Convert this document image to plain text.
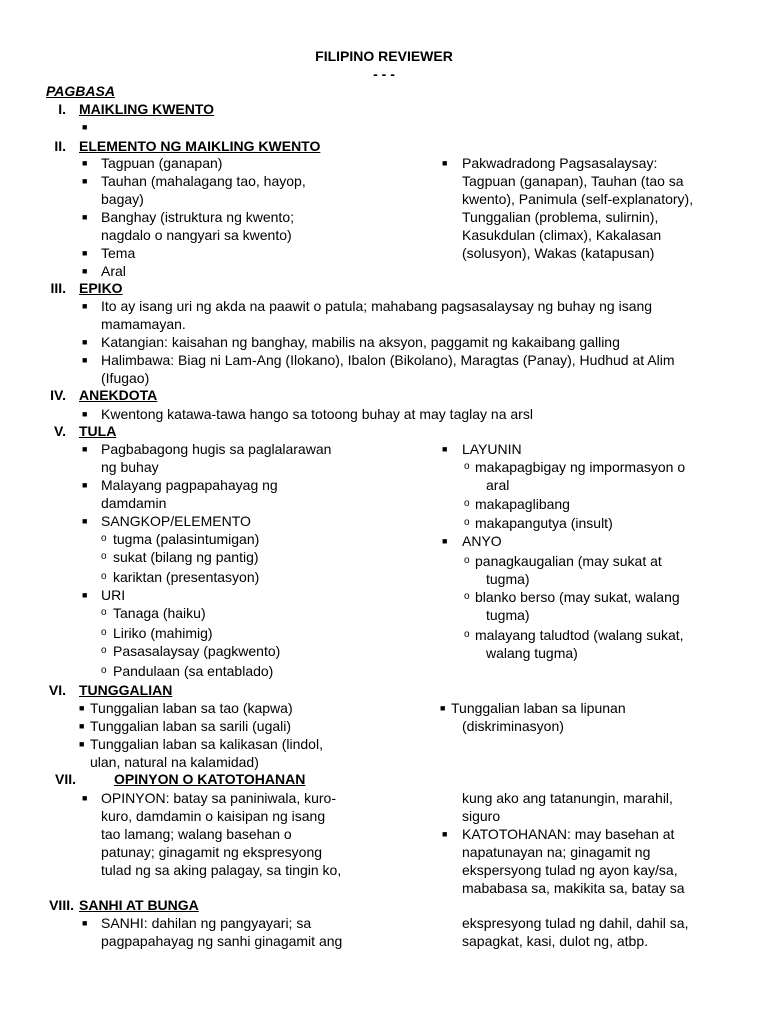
FILIPINO REVIEWER
- - -
PAGBASA
I. MAIKLING KWENTO
■
II. ELEMENTO NG MAIKLING KWENTO
■ Tagpuan (ganapan)
■ Tauhan (mahalagang tao, hayop,
bagay)
■ Banghay (istruktura ng kwento;
nagdalo o nangyari sa kwento)
■ Tema
■ Aral
■ Pakwadradong Pagsasalaysay:
Tagpuan (ganapan), Tauhan (tao sa
kwento), Panimula (self-explanatory),
Tunggalian (problema, sulirnin),
Kasukdulan (climax), Kakalasan
(solusyon), Wakas (katapusan)
III. EPIKO
■ Ito ay isang uri ng akda na paawit o patula; mahabang pagsasalaysay ng buhay ng isang
mamamayan.
■ Katangian: kaisahan ng banghay, mabilis na aksyon, paggamit ng kakaibang galling
■ Halimbawa: Biag ni Lam-Ang (Ilokano), Ibalon (Bikolano), Maragtas (Panay), Hudhud at Alim
(Ifugao)
IV. ANEKDOTA
■ Kwentong katawa-tawa hango sa totoong buhay at may taglay na arsl
V. TULA
■ Pagbabagong hugis sa paglalarawan
ng buhay
■ Malayang pagpapahayag ng
damdamin
■ SANGKOP/ELEMENTO
o tugma (palasintumigan)
o sukat (bilang ng pantig)
o kariktan (presentasyon)
■ URI
o Tanaga (haiku)
o Liriko (mahimig)
o Pasasalaysay (pagkwento)
o Pandulaan (sa entablado)
■ LAYUNIN
o makapagbigay ng impormasyon o
aral
o makapaglibang
o makapangutya (insult)
■ ANYO
o panagkaugalian (may sukat at
tugma)
o blanko berso (may sukat, walang
tugma)
o malayang taludtod (walang sukat,
walang tugma)
VI. TUNGGALIAN
■ Tunggalian laban sa tao (kapwa)
■ Tunggalian laban sa sarili (ugali)
■ Tunggalian laban sa kalikasan (lindol,
ulan, natural na kalamidad)
■ Tunggalian laban sa lipunan
(diskriminasyon)
VII.	OPINYON O KATOTOHANAN
■ OPINYON: batay sa paniniwala, kuro-
kuro, damdamin o kaisipan ng isang
tao lamang; walang basehan o
patunay; ginagamit ng ekspresyong
tulad ng sa aking palagay, sa tingin ko,
kung ako ang tatanungin, marahil,
siguro
■ KATOTOHANAN: may basehan at
napatunayan na; ginagamit ng
ekspersyong tulad ng ayon kay/sa,
mababasa sa, makikita sa, batay sa
VIII. SANHI AT BUNGA
■ SANHI: dahilan ng pangyayari; sa
pagpapahayag ng sanhi ginagamit ang
ekspresyong tulad ng dahil, dahil sa,
sapagkat, kasi, dulot ng, atbp.
